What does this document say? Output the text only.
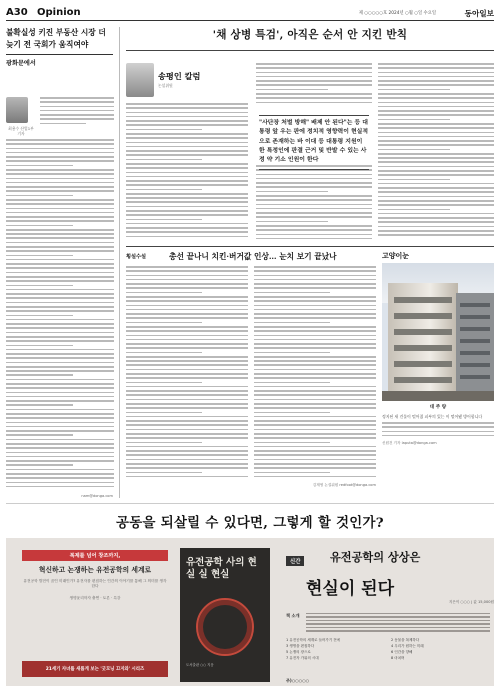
A30 Opinion	제 ○○○○○호 2024년 ○월 ○일 수요일	동아일보
불확실성 키진 부동산 시장 더 늦기 전 국회가 움직여야
광화문에서
최용수 산업1부 기자
nam@donga.com
'채 상병 특검', 아직은 순서 안 지킨 반칙
송평인 칼럼
논설위원
"사단장 처벌 방해" 배제 안 된다"는 등 대통령 앞 우는 판에 정치적 영향력이 현실적으로 존재하는 바 이대 등 대통령 지원이 한 특정인에 판결 근거 및 반발 수 있는 사정 약 기소 인원이 한다
횡설수설	총선 끝나니 치킨·버거값 인상… 눈치 보기 끝났나
김재영 논설위원 redfoot@donga.com
고양이눈
대 주 량
정지된 새 건물이 떨어졌 피부의 있는 이 떨어됐 방어합니다
신원건 기자 laputa@donga.com
공동을 되살릴 수 있다면, 그렇게 할 것인가?
복제를 넘어 창조까지,
혁신하고 논쟁하는 유전공학의 세계로
유전공학 발전이 꿈인 미래인가? 유전자를 편집하는 인간의 이야기를 통해 그 의미를 생각한다
생명윤리학자 출연 · 토론 · 특강
21세기 자녀를 새롭게 보는 '굿모닝 끄지와' 시리즈
유전공학 사의 현실 실 현실
도서출판 ○○ 지음
신간	유전공학의 상상은
현실이 된다
지은이 ○○○ | 값 15,000원
책 소개
1 유전공학의 세계로 들어가기 전에	2 동물을 복제하다
3 생명을 편집하다	4 우리가 원하는 미래
5 논쟁의 장으로	6 인간을 향해
7 유전자 가위의 시대	8 마치며
주)○○○○○
